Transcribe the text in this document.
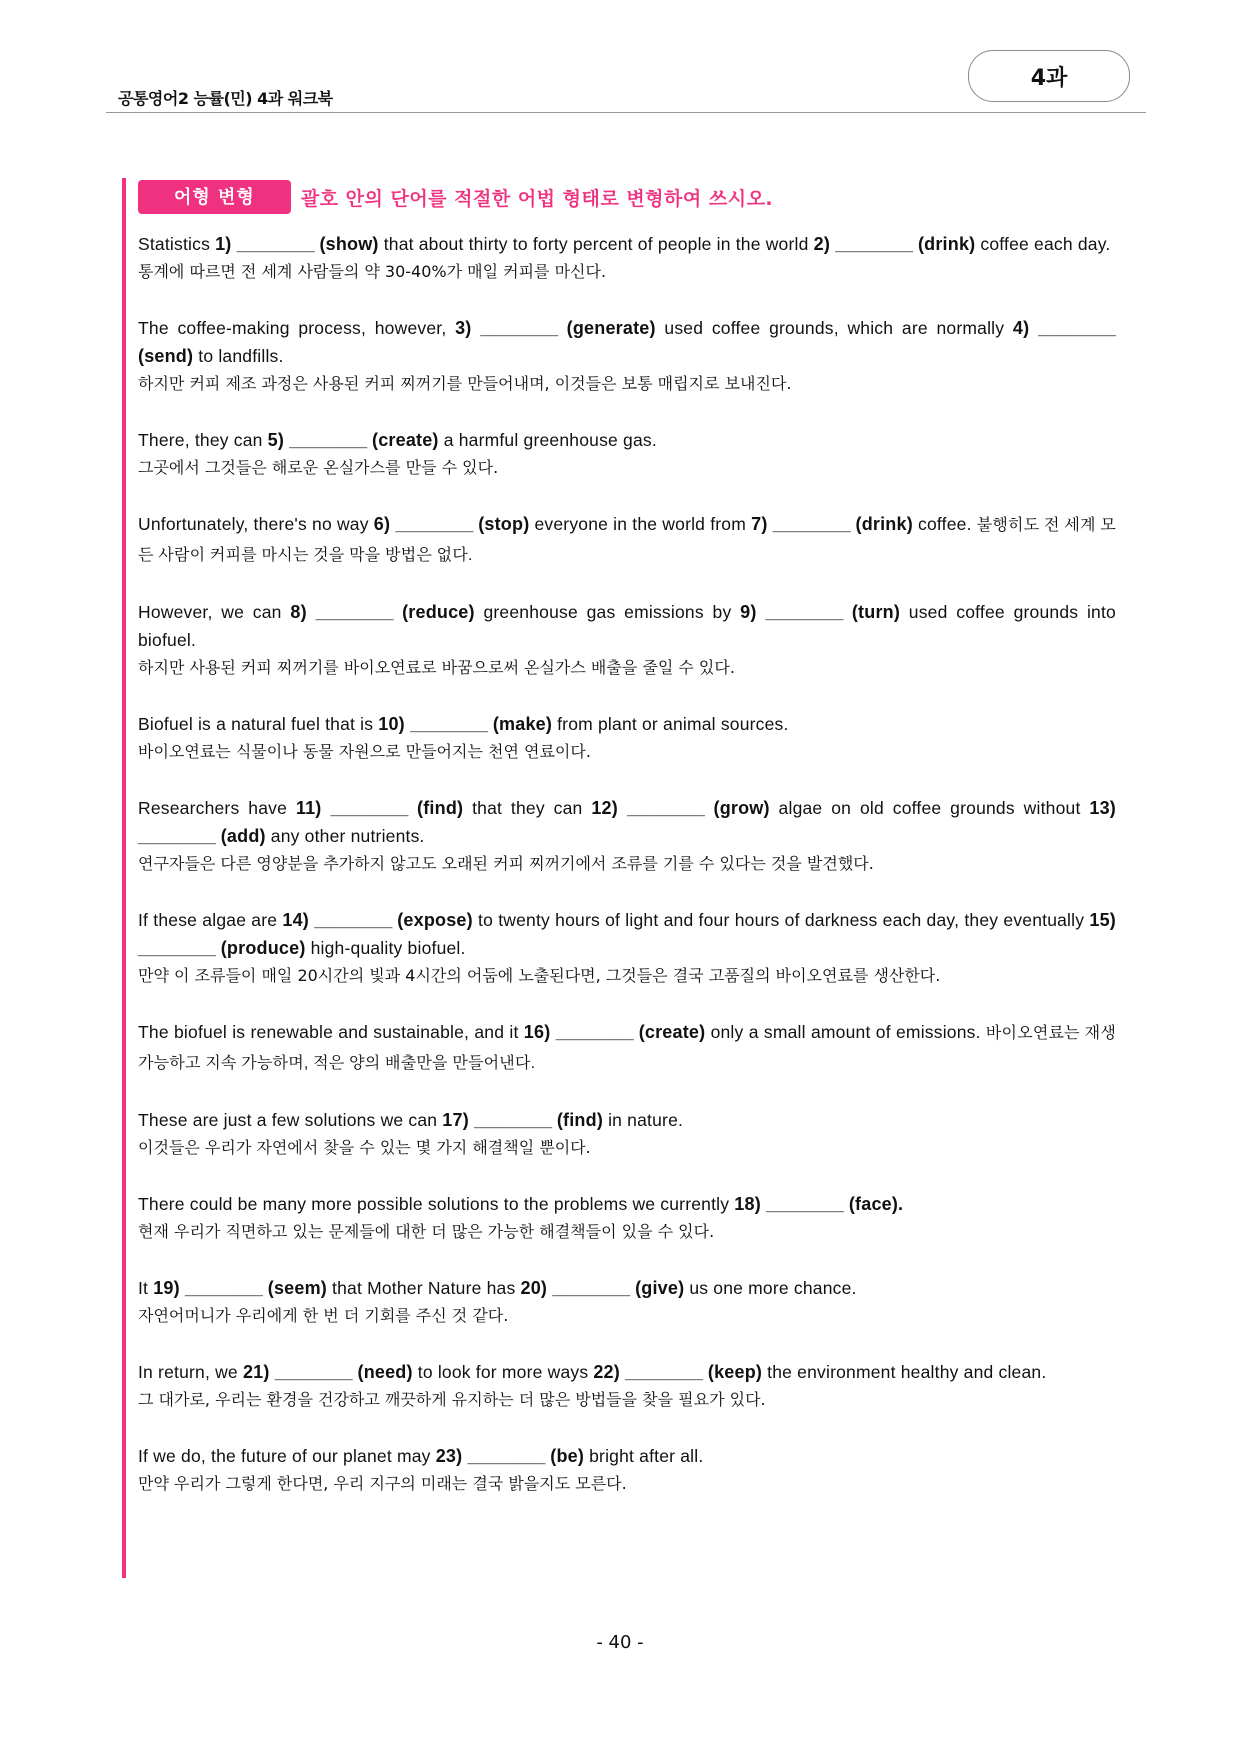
공통영어2 능률(민) 4과 워크북
4과
어형 변형	괄호 안의 단어를 적절한 어법 형태로 변형하여 쓰시오.
Statistics 1) ________ (show) that about thirty to forty percent of people in the world 2) ________ (drink) coffee each day.
통계에 따르면 전 세계 사람들의 약 30-40%가 매일 커피를 마신다.
The coffee-making process, however, 3) ________ (generate) used coffee grounds, which are normally 4) ________ (send) to landfills.
하지만 커피 제조 과정은 사용된 커피 찌꺼기를 만들어내며, 이것들은 보통 매립지로 보내진다.
There, they can 5) ________ (create) a harmful greenhouse gas.
그곳에서 그것들은 해로운 온실가스를 만들 수 있다.
Unfortunately, there's no way 6) ________ (stop) everyone in the world from 7) ________ (drink) coffee. 불행히도 전 세계 모든 사람이 커피를 마시는 것을 막을 방법은 없다.
However, we can 8) ________ (reduce) greenhouse gas emissions by 9) ________ (turn) used coffee grounds into biofuel.
하지만 사용된 커피 찌꺼기를 바이오연료로 바꿈으로써 온실가스 배출을 줄일 수 있다.
Biofuel is a natural fuel that is 10) ________ (make) from plant or animal sources.
바이오연료는 식물이나 동물 자원으로 만들어지는 천연 연료이다.
Researchers have 11) ________ (find) that they can 12) ________ (grow) algae on old coffee grounds without 13) ________ (add) any other nutrients.
연구자들은 다른 영양분을 추가하지 않고도 오래된 커피 찌꺼기에서 조류를 기를 수 있다는 것을 발견했다.
If these algae are 14) ________ (expose) to twenty hours of light and four hours of darkness each day, they eventually 15) ________ (produce) high-quality biofuel.
만약 이 조류들이 매일 20시간의 빛과 4시간의 어둠에 노출된다면, 그것들은 결국 고품질의 바이오연료를 생산한다.
The biofuel is renewable and sustainable, and it 16) ________ (create) only a small amount of emissions. 바이오연료는 재생 가능하고 지속 가능하며, 적은 양의 배출만을 만들어낸다.
These are just a few solutions we can 17) ________ (find) in nature.
이것들은 우리가 자연에서 찾을 수 있는 몇 가지 해결책일 뿐이다.
There could be many more possible solutions to the problems we currently 18) ________ (face).
현재 우리가 직면하고 있는 문제들에 대한 더 많은 가능한 해결책들이 있을 수 있다.
It 19) ________ (seem) that Mother Nature has 20) ________ (give) us one more chance.
자연어머니가 우리에게 한 번 더 기회를 주신 것 같다.
In return, we 21) ________ (need) to look for more ways 22) ________ (keep) the environment healthy and clean.
그 대가로, 우리는 환경을 건강하고 깨끗하게 유지하는 더 많은 방법들을 찾을 필요가 있다.
If we do, the future of our planet may 23) ________ (be) bright after all.
만약 우리가 그렇게 한다면, 우리 지구의 미래는 결국 밝을지도 모른다.
- 40 -
